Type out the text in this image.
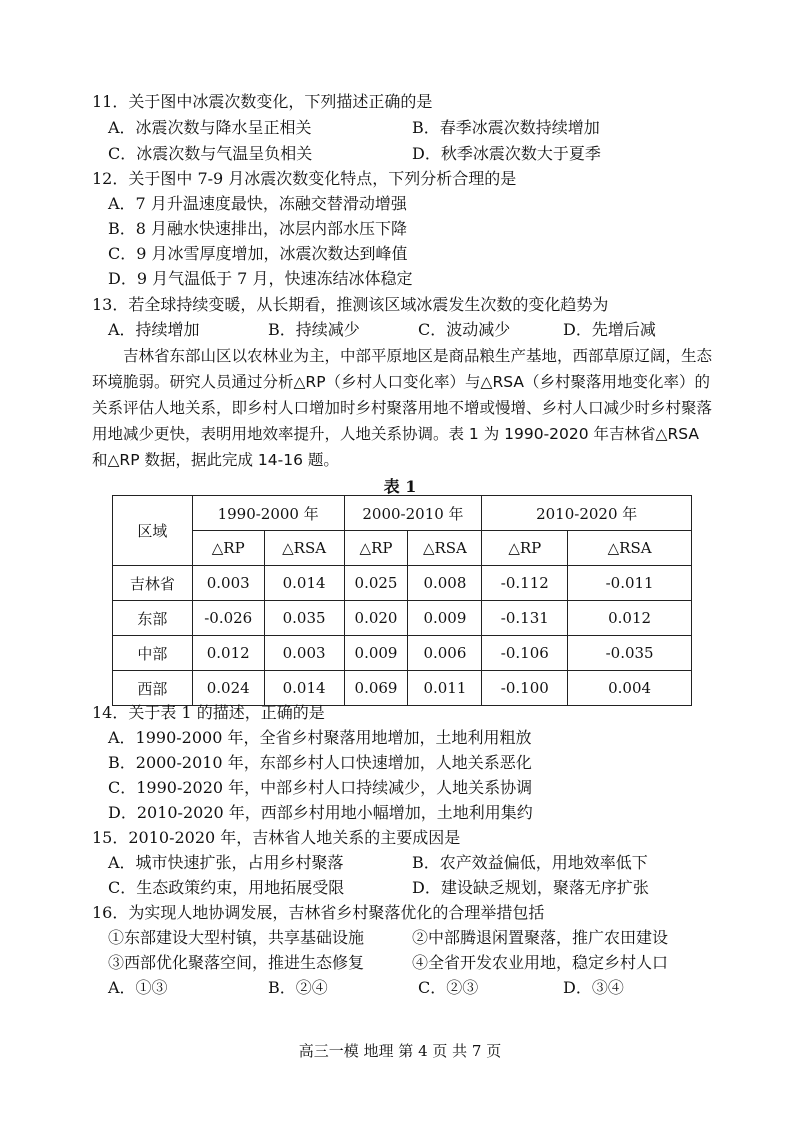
11．关于图中冰震次数变化，下列描述正确的是
A．冰震次数与降水呈正相关	B．春季冰震次数持续增加
C．冰震次数与气温呈负相关	D．秋季冰震次数大于夏季
12．关于图中 7-9 月冰震次数变化特点，下列分析合理的是
A．7 月升温速度最快，冻融交替滑动增强
B．8 月融水快速排出，冰层内部水压下降
C．9 月冰雪厚度增加，冰震次数达到峰值
D．9 月气温低于 7 月，快速冻结冰体稳定
13．若全球持续变暖，从长期看，推测该区域冰震发生次数的变化趋势为
A．持续增加	B．持续减少	C．波动减少	D．先增后减
吉林省东部山区以农林业为主，中部平原地区是商品粮生产基地，西部草原辽阔，生态环境脆弱。研究人员通过分析△RP（乡村人口变化率）与△RSA（乡村聚落用地变化率）的关系评估人地关系，即乡村人口增加时乡村聚落用地不增或慢增、乡村人口减少时乡村聚落用地减少更快，表明用地效率提升，人地关系协调。表 1 为 1990-2020 年吉林省△RSA 和△RP 数据，据此完成 14-16 题。
表 1
区域	1990-2000 年		2000-2010 年		2010-2020 年	
	△RP	△RSA	△RP	△RSA	△RP	△RSA
吉林省	0.003	0.014	0.025	0.008	-0.112	-0.011
东部	-0.026	0.035	0.020	0.009	-0.131	0.012
中部	0.012	0.003	0.009	0.006	-0.106	-0.035
西部	0.024	0.014	0.069	0.011	-0.100	0.004
14．关于表 1 的描述，正确的是
A．1990-2000 年，全省乡村聚落用地增加，土地利用粗放
B．2000-2010 年，东部乡村人口快速增加，人地关系恶化
C．1990-2020 年，中部乡村人口持续减少，人地关系协调
D．2010-2020 年，西部乡村用地小幅增加，土地利用集约
15．2010-2020 年，吉林省人地关系的主要成因是
A．城市快速扩张，占用乡村聚落	B．农产效益偏低，用地效率低下
C．生态政策约束，用地拓展受限	D．建设缺乏规划，聚落无序扩张
16．为实现人地协调发展，吉林省乡村聚落优化的合理举措包括
①东部建设大型村镇，共享基础设施	②中部腾退闲置聚落，推广农田建设
③西部优化聚落空间，推进生态修复	④全省开发农业用地，稳定乡村人口
A．①③	B．②④	C．②③	D．③④
高三一模 地理 第 4 页 共 7 页
